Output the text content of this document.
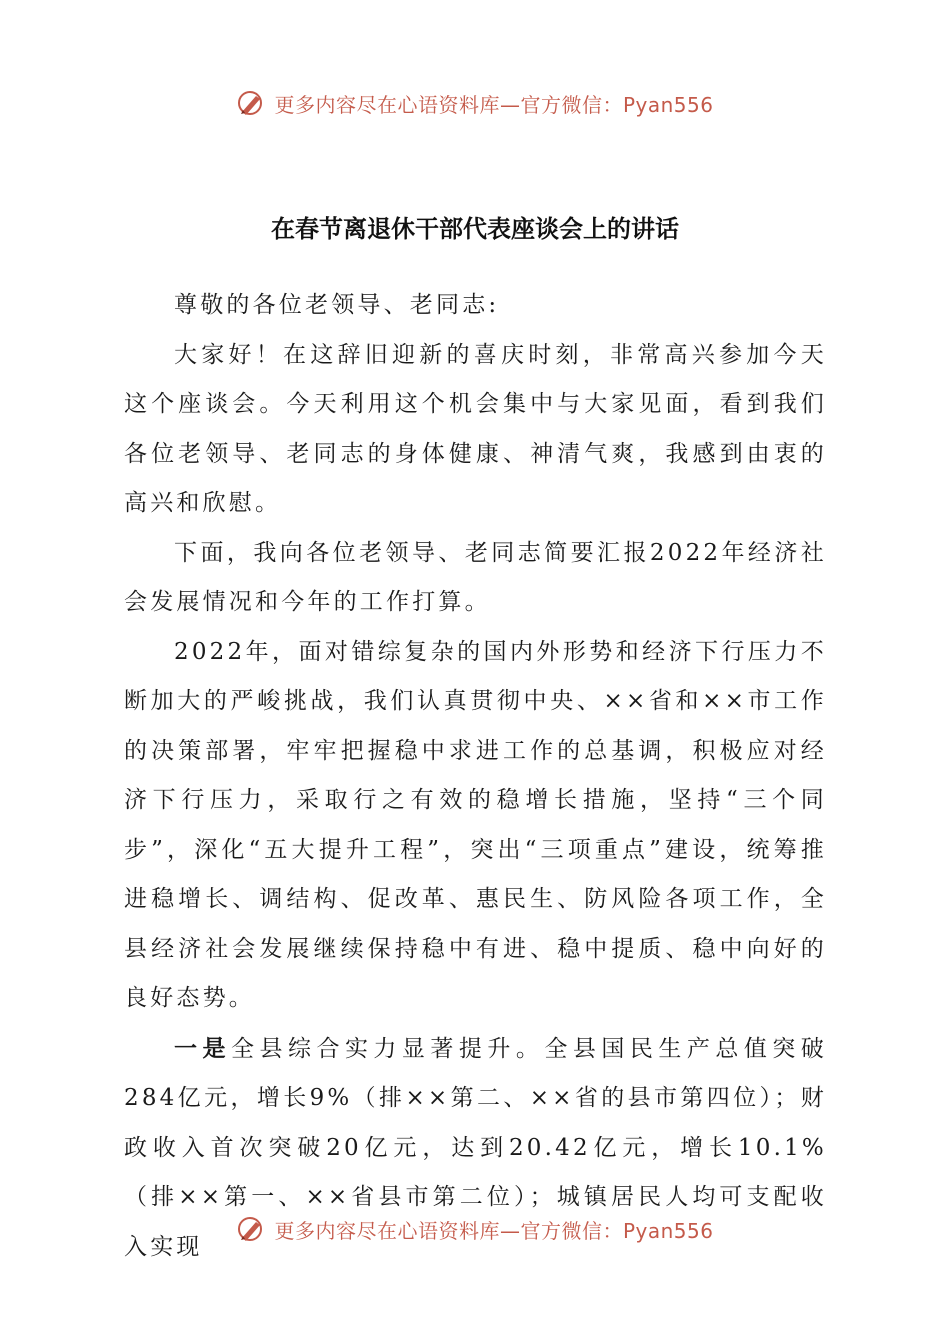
更多内容尽在心语资料库—官方微信：Pyan556
在春节离退休干部代表座谈会上的讲话

尊敬的各位老领导、老同志:

大家好！在这辞旧迎新的喜庆时刻，非常高兴参加今天这个座谈会。今天利用这个机会集中与大家见面，看到我们各位老领导、老同志的身体健康、神清气爽，我感到由衷的高兴和欣慰。

下面，我向各位老领导、老同志简要汇报2022年经济社会发展情况和今年的工作打算。

2022年，面对错综复杂的国内外形势和经济下行压力不断加大的严峻挑战，我们认真贯彻中央、××省和××市工作的决策部署，牢牢把握稳中求进工作的总基调，积极应对经济下行压力，采取行之有效的稳增长措施，坚持“三个同步”，深化“五大提升工程”，突出“三项重点”建设，统筹推进稳增长、调结构、促改革、惠民生、防风险各项工作，全县经济社会发展继续保持稳中有进、稳中提质、稳中向好的良好态势。

一是全县综合实力显著提升。全县国民生产总值突破284亿元，增长9%（排××第二、××省的县市第四位）；财政收入首次突破20亿元，达到20.42亿元，增长10.1%（排××第一、××省县市第二位）；城镇居民人均可支配收入实现

更多内容尽在心语资料库—官方微信：Pyan556
